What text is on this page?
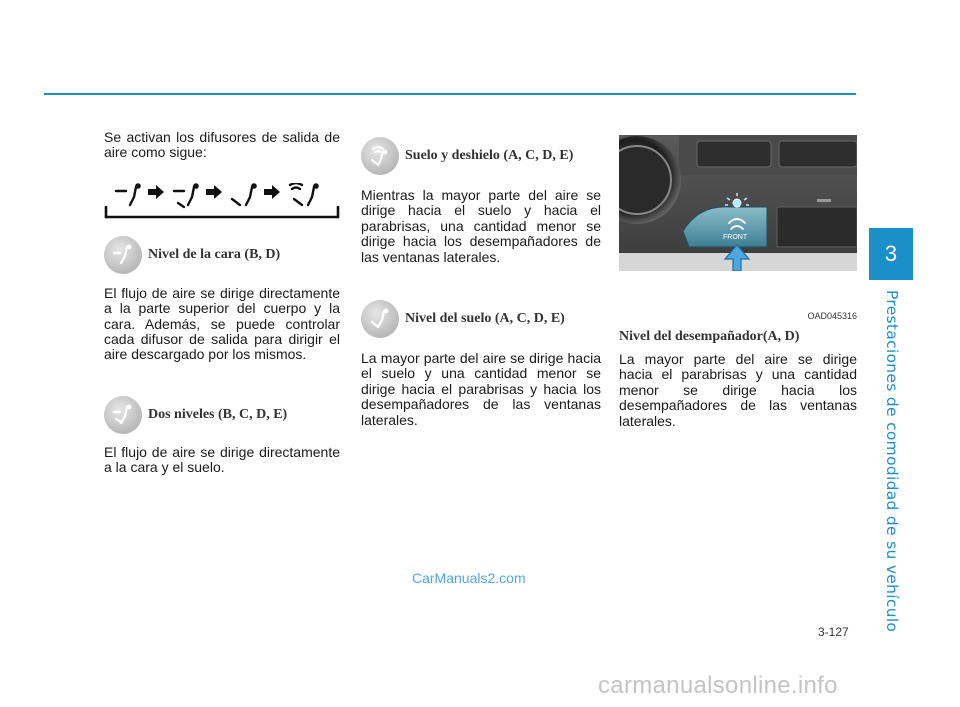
3
Prestaciones de comodidad de su vehículo

Se activan los difusores de salida de aire como sigue:

Nivel de la cara (B, D)

El flujo de aire se dirige directamente a la parte superior del cuerpo y la cara. Además, se puede controlar cada difusor de salida para dirigir el aire descargado por los mismos.

Dos niveles (B, C, D, E)

El flujo de aire se dirige directamente a la cara y el suelo.

Suelo y deshielo (A, C, D, E)

Mientras la mayor parte del aire se dirige hacia el suelo y hacia el parabrisas, una cantidad menor se dirige hacia los desempañadores de las ventanas laterales.

Nivel del suelo (A, C, D, E)

La mayor parte del aire se dirige hacia el suelo y una cantidad menor se dirige hacia el parabrisas y hacia los desempañadores de las ventanas laterales.

FRONT
OAD045316
Nivel del desempañador(A, D)

La mayor parte del aire se dirige hacia el parabrisas y una cantidad menor se dirige hacia los desempañadores de las ventanas laterales.

CarManuals2.com
3-127
carmanualsonline.info
